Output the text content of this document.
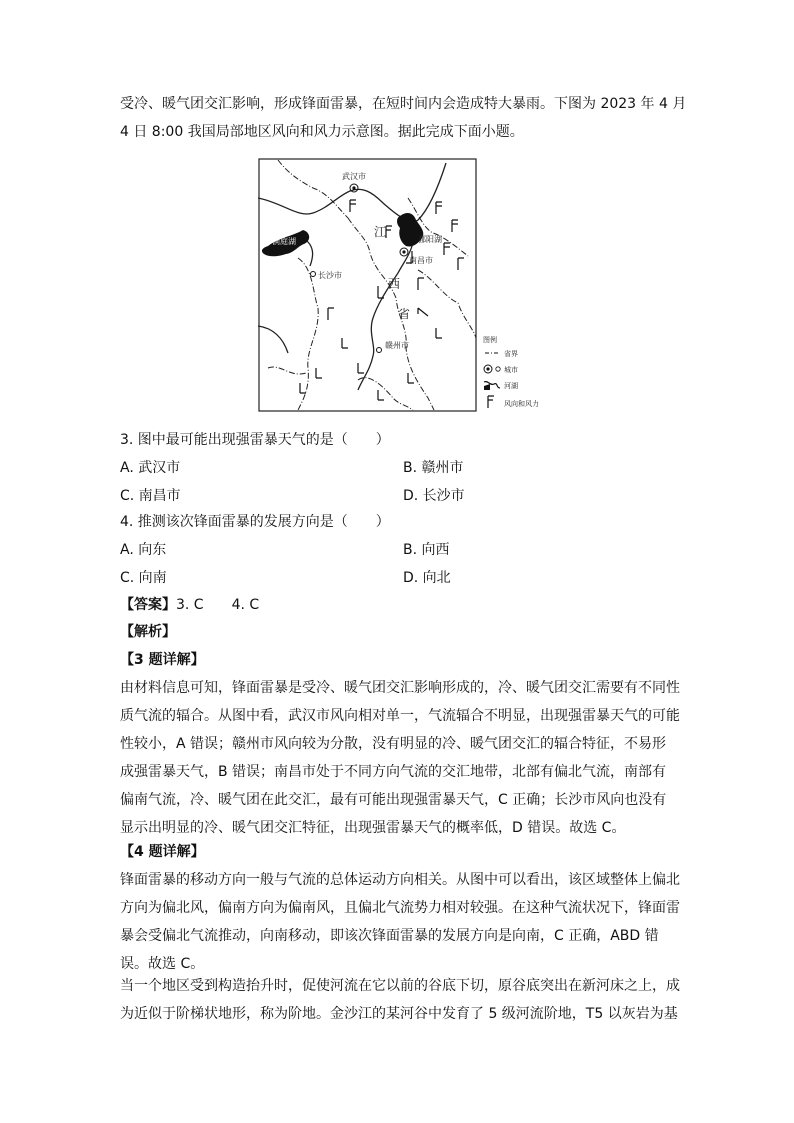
受冷、暖气团交汇影响，形成锋面雷暴，在短时间内会造成特大暴雨。下图为 2023 年 4 月
4 日 8:00 我国局部地区风向和风力示意图。据此完成下面小题。
武汉市
南昌市
长沙市
赣州市
洞庭湖	鄱阳湖
江
西
省
图例
省界
城市
河湖
风向和风力
3. 图中最可能出现强雷暴天气的是（　　）
A. 武汉市	B. 赣州市
C. 南昌市	D. 长沙市
4. 推测该次锋面雷暴的发展方向是（　　）
A. 向东	B. 向西
C. 向南	D. 向北
【答案】3. C　　4. C
【解析】
【3 题详解】
由材料信息可知，锋面雷暴是受冷、暖气团交汇影响形成的，冷、暖气团交汇需要有不同性质气流的辐合。从图中看，武汉市风向相对单一，气流辐合不明显，出现强雷暴天气的可能性较小，A 错误；赣州市风向较为分散，没有明显的冷、暖气团交汇的辐合特征，不易形成强雷暴天气，B 错误；南昌市处于不同方向气流的交汇地带，北部有偏北气流，南部有偏南气流，冷、暖气团在此交汇，最有可能出现强雷暴天气，C 正确；长沙市风向也没有显示出明显的冷、暖气团交汇特征，出现强雷暴天气的概率低，D 错误。故选 C。
【4 题详解】
锋面雷暴的移动方向一般与气流的总体运动方向相关。从图中可以看出，该区域整体上偏北方向为偏北风，偏南方向为偏南风，且偏北气流势力相对较强。在这种气流状况下，锋面雷暴会受偏北气流推动，向南移动，即该次锋面雷暴的发展方向是向南，C 正确，ABD 错误。故选 C。
当一个地区受到构造抬升时，促使河流在它以前的谷底下切，原谷底突出在新河床之上，成为近似于阶梯状地形，称为阶地。金沙江的某河谷中发育了 5 级河流阶地，T5 以灰岩为基
